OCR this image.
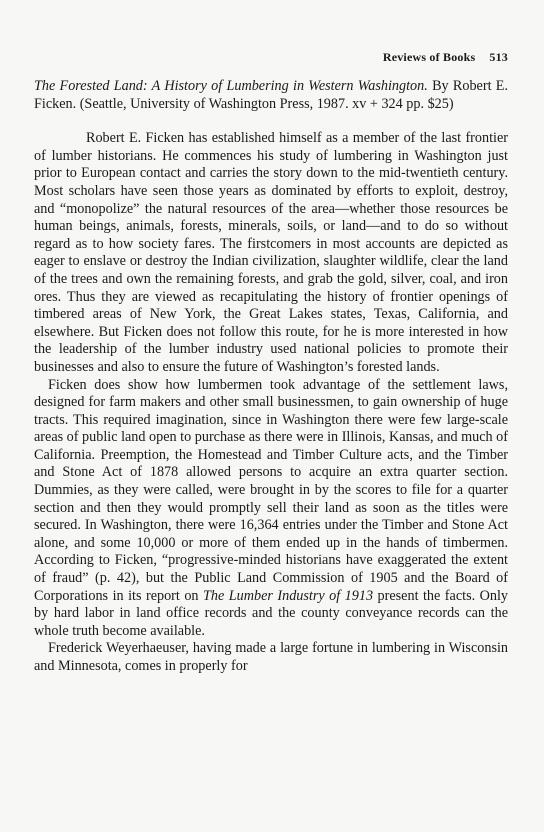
Reviews of Books 513

The Forested Land: A History of Lumbering in Western Washington. By Robert E. Ficken. (Seattle, University of Washington Press, 1987. xv + 324 pp. $25)

Robert E. Ficken has established himself as a member of the last frontier of lumber historians. He commences his study of lumbering in Washington just prior to European contact and carries the story down to the mid-twentieth century. Most scholars have seen those years as dominated by efforts to exploit, destroy, and “monopolize” the natural resources of the area—whether those resources be human beings, animals, forests, minerals, soils, or land—and to do so without regard as to how society fares. The firstcomers in most accounts are depicted as eager to enslave or destroy the Indian civilization, slaughter wildlife, clear the land of the trees and own the remaining forests, and grab the gold, silver, coal, and iron ores. Thus they are viewed as recapitulating the history of frontier openings of timbered areas of New York, the Great Lakes states, Texas, California, and elsewhere. But Ficken does not follow this route, for he is more interested in how the leadership of the lumber industry used national policies to promote their businesses and also to ensure the future of Washington’s forested lands.

Ficken does show how lumbermen took advantage of the settlement laws, designed for farm makers and other small businessmen, to gain ownership of huge tracts. This required imagination, since in Washington there were few large-scale areas of public land open to purchase as there were in Illinois, Kansas, and much of California. Preemption, the Homestead and Timber Culture acts, and the Timber and Stone Act of 1878 allowed persons to acquire an extra quarter section. Dummies, as they were called, were brought in by the scores to file for a quarter section and then they would promptly sell their land as soon as the titles were secured. In Washington, there were 16,364 entries under the Timber and Stone Act alone, and some 10,000 or more of them ended up in the hands of timbermen. According to Ficken, “progressive-minded historians have exaggerated the extent of fraud” (p. 42), but the Public Land Commission of 1905 and the Board of Corporations in its report on The Lumber Industry of 1913 present the facts. Only by hard labor in land office records and the county conveyance records can the whole truth become available.

Frederick Weyerhaeuser, having made a large fortune in lumbering in Wisconsin and Minnesota, comes in properly for
